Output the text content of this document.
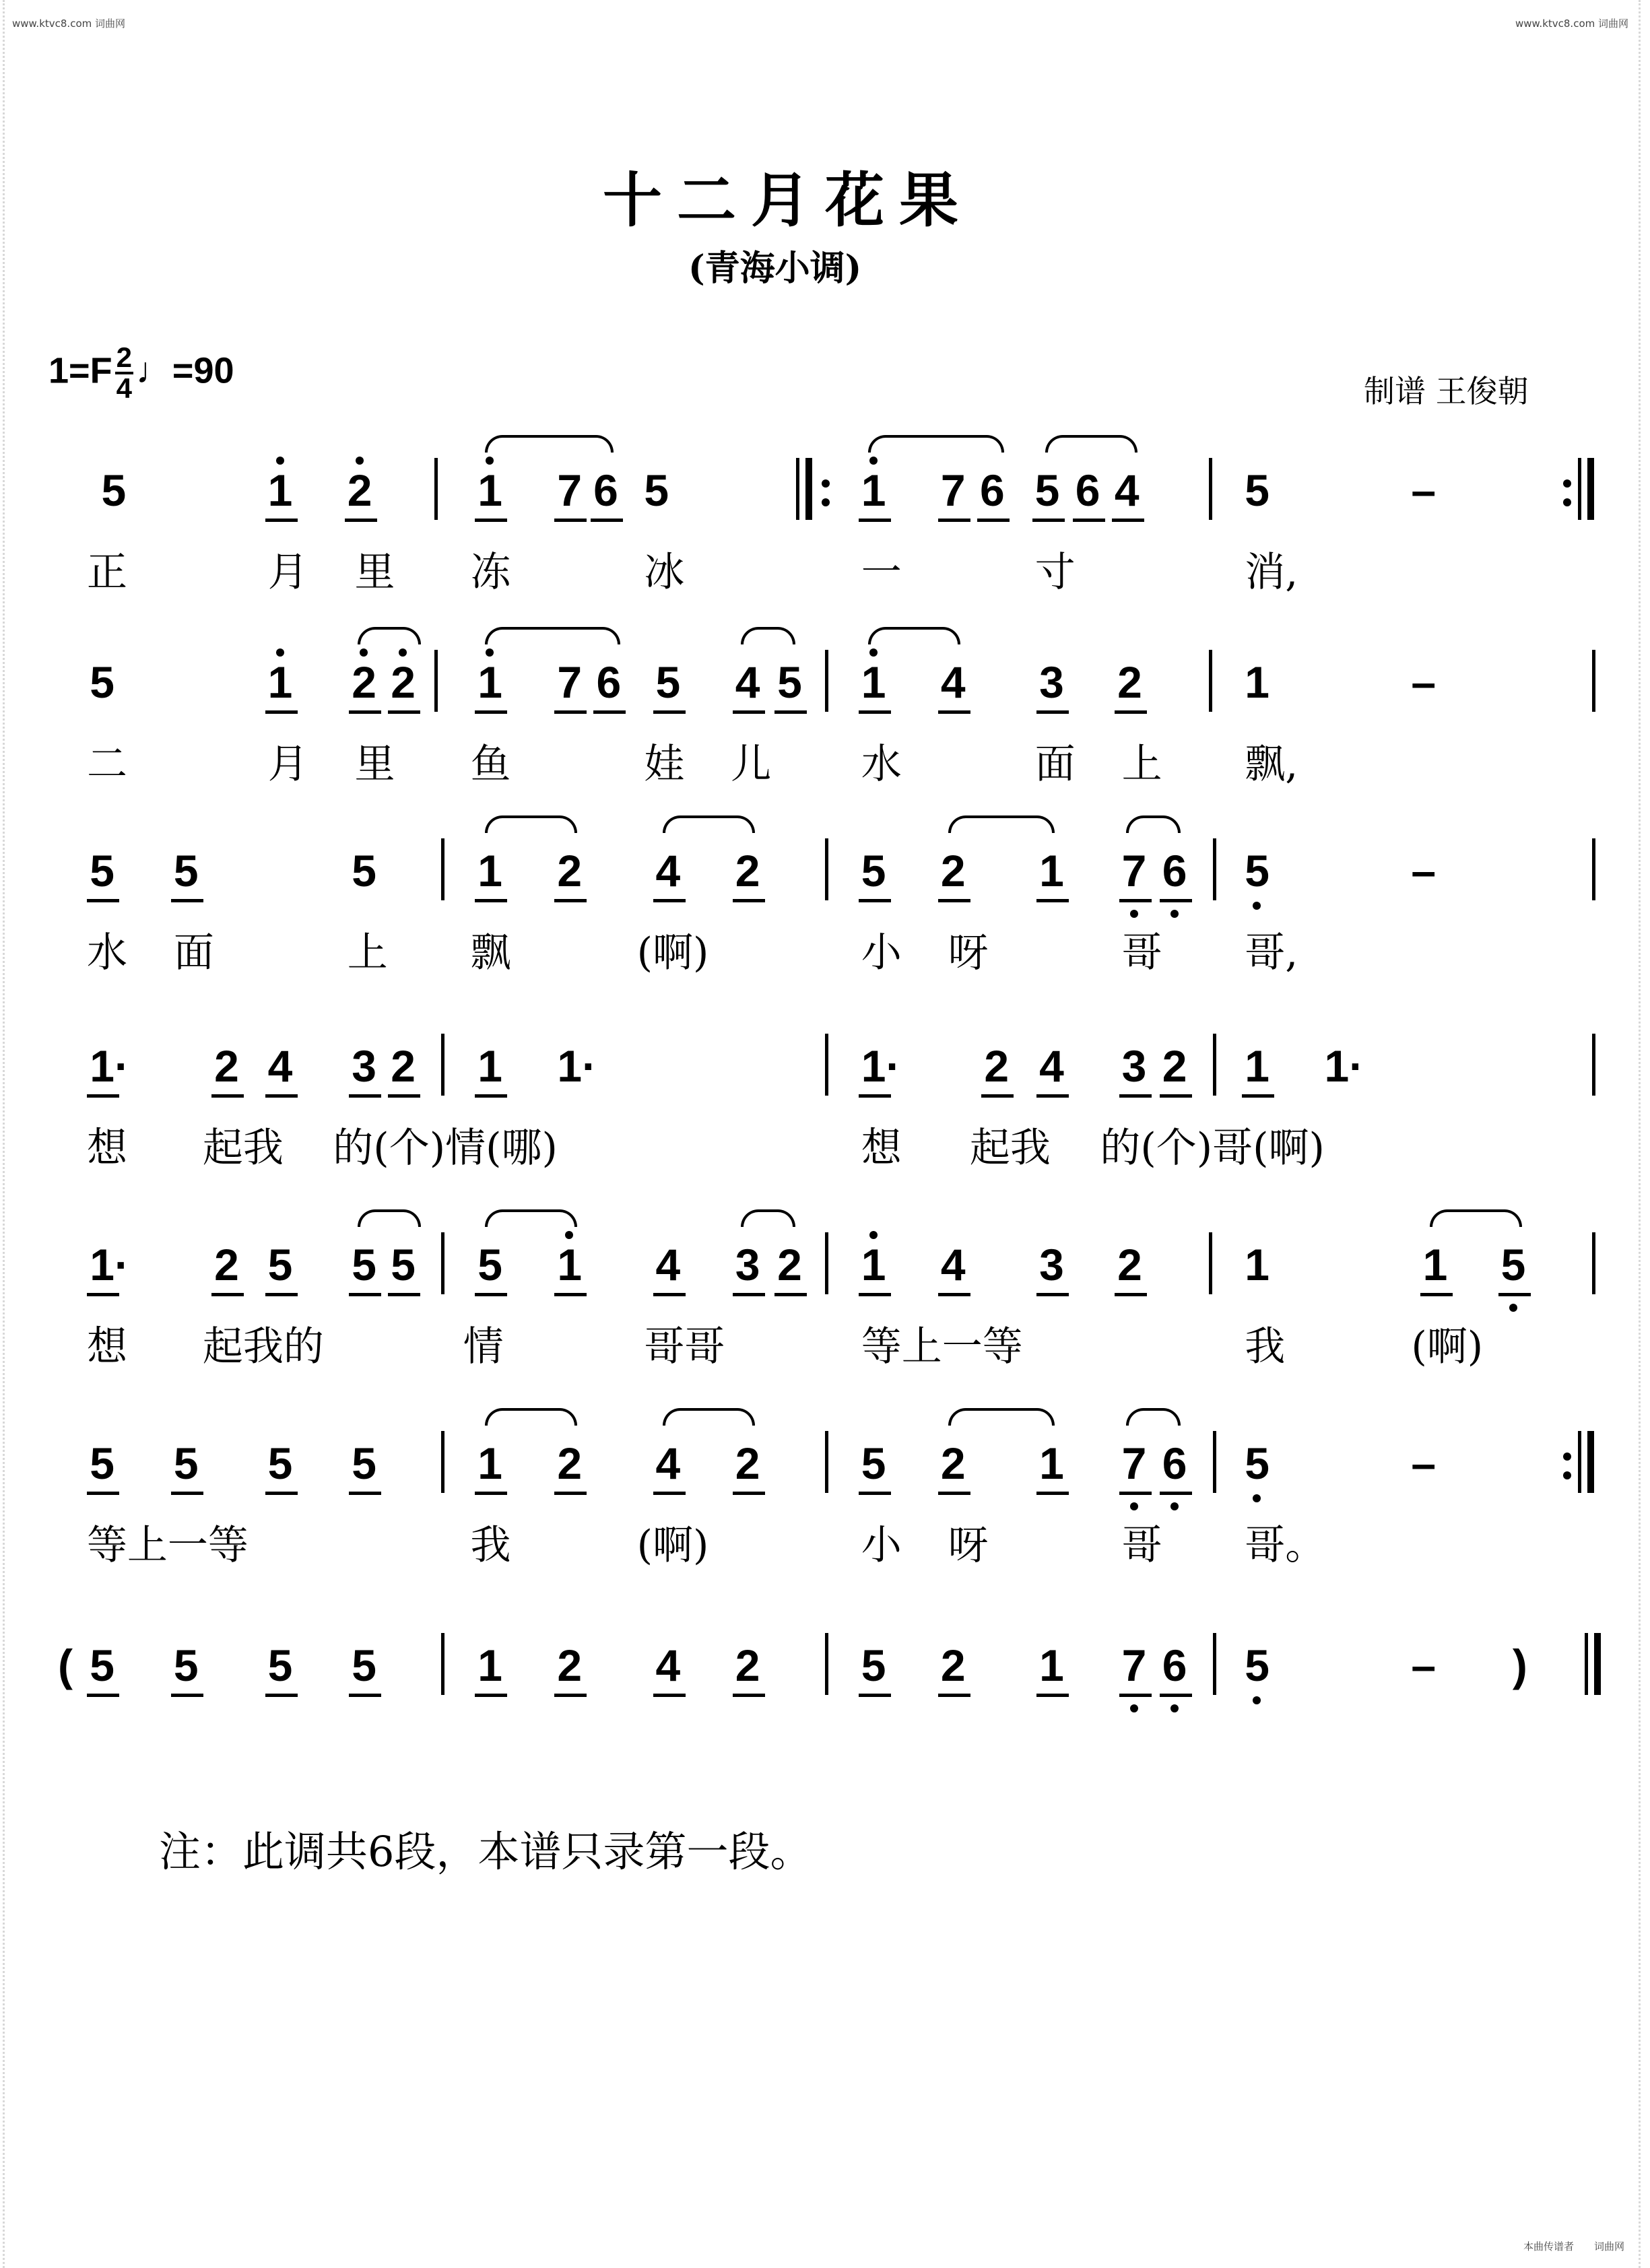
www.ktvc8.com 词曲网	www.ktvc8.com 词曲网
本曲传谱者　　词曲网
十二月花果
(青海小调)
$1=F \frac{2}{4}$ ♩=90
制谱 王俊朝
5	1 2 1 7 6 5	1 7 6 5 6 4 5	–
正	月 里 冻	冰	一	寸	消,
5	1 2 2 1 7 6 5 4 5 1 4 3 2 1	–
二	月 里 鱼	娃 儿 水	面 上 飘,
5 5	5 1 2 4 2 5 2 1 7 6 5	–
水 面	上 飘	(啊)	小 呀	哥 哥,
1· 2 4 3 2 1 1·	1· 2 4 3 2 1 1·
想 起我 的(个)情(哪)	想 起我 的(个)哥(啊)
1· 2 5 5 5 5 1 4 3 2 1 4 3 2 1	1 5
想 起我的	情	哥哥	等上一等	我	(啊)
5 5 5 5 1 2 4 2 5 2 1 7 6 5	–
等上一等	我	(啊)	小 呀	哥 哥。
( 5 5 5 5 1 2 4 2 5 2 1 7 6 5	– )
注：此调共6段，本谱只录第一段。
